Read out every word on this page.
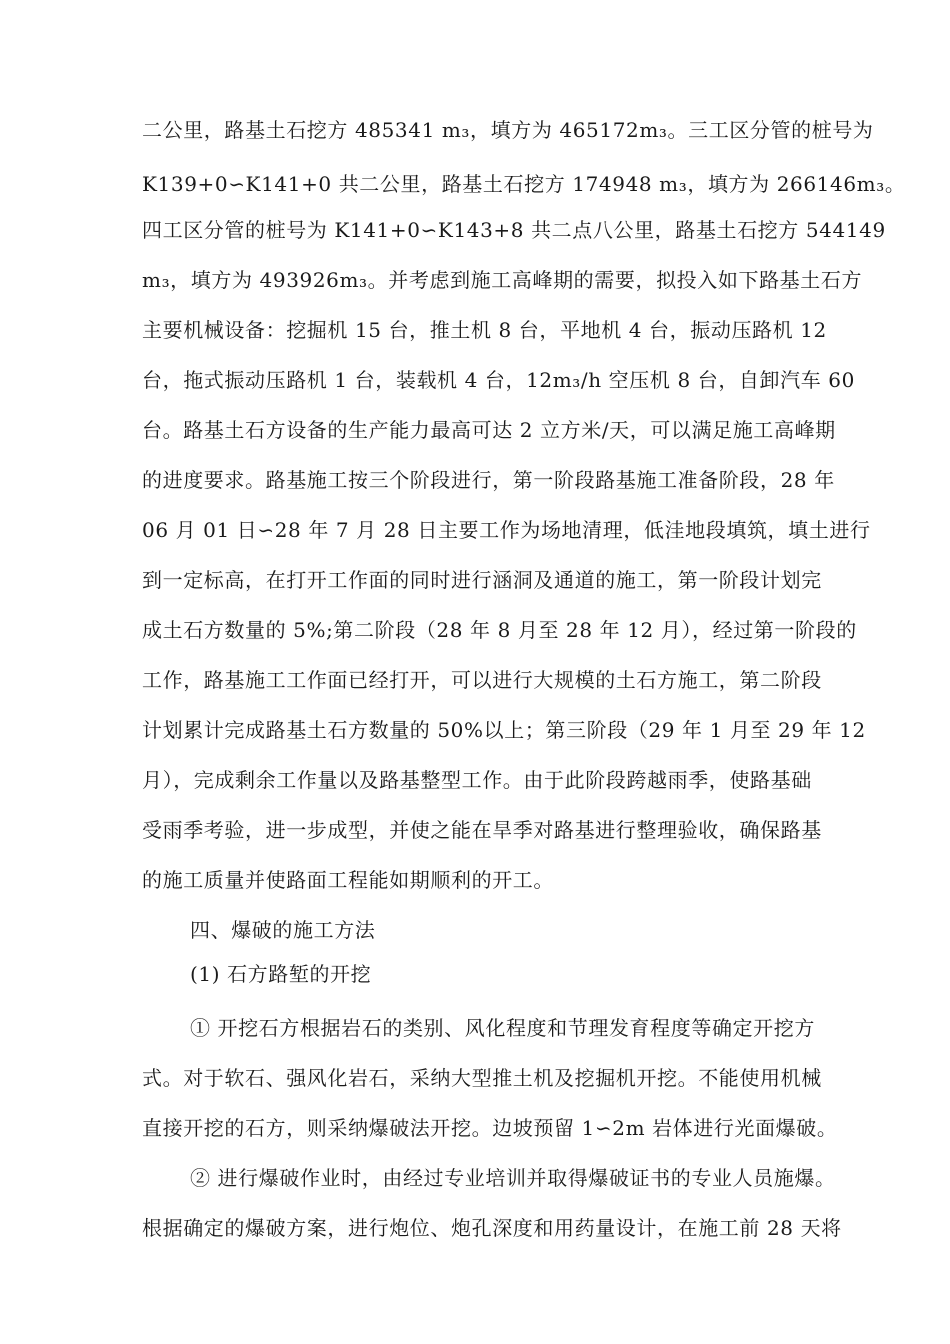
二公里，路基土石挖方 485341 m₃，填方为 465172m₃。三工区分管的桩号为
K139+0∽K141+0 共二公里，路基土石挖方 174948 m₃，填方为 266146m₃。
四工区分管的桩号为 K141+0∽K143+8 共二点八公里，路基土石挖方 544149
m₃，填方为 493926m₃。并考虑到施工高峰期的需要，拟投入如下路基土石方
主要机械设备：挖掘机 15 台，推土机 8 台，平地机 4 台，振动压路机 12
台，拖式振动压路机 1 台，装载机 4 台，12m₃/h 空压机 8 台，自卸汽车 60
台。路基土石方设备的生产能力最高可达 2 立方米/天，可以满足施工高峰期
的进度要求。路基施工按三个阶段进行，第一阶段路基施工准备阶段，28 年
06 月 01 日∽28 年 7 月 28 日主要工作为场地清理，低洼地段填筑，填土进行
到一定标高，在打开工作面的同时进行涵洞及通道的施工，第一阶段计划完
成土石方数量的 5%;第二阶段（28 年 8 月至 28 年 12 月），经过第一阶段的
工作，路基施工工作面已经打开，可以进行大规模的土石方施工，第二阶段
计划累计完成路基土石方数量的 50%以上；第三阶段（29 年 1 月至 29 年 12
月），完成剩余工作量以及路基整型工作。由于此阶段跨越雨季，使路基础
受雨季考验，进一步成型，并使之能在旱季对路基进行整理验收，确保路基
的施工质量并使路面工程能如期顺利的开工。
四、爆破的施工方法
(1) 石方路堑的开挖
① 开挖石方根据岩石的类别、风化程度和节理发育程度等确定开挖方
式。对于软石、强风化岩石，采纳大型推土机及挖掘机开挖。不能使用机械
直接开挖的石方，则采纳爆破法开挖。边坡预留 1∽2m 岩体进行光面爆破。
② 进行爆破作业时，由经过专业培训并取得爆破证书的专业人员施爆。
根据确定的爆破方案，进行炮位、炮孔深度和用药量设计，在施工前 28 天将
